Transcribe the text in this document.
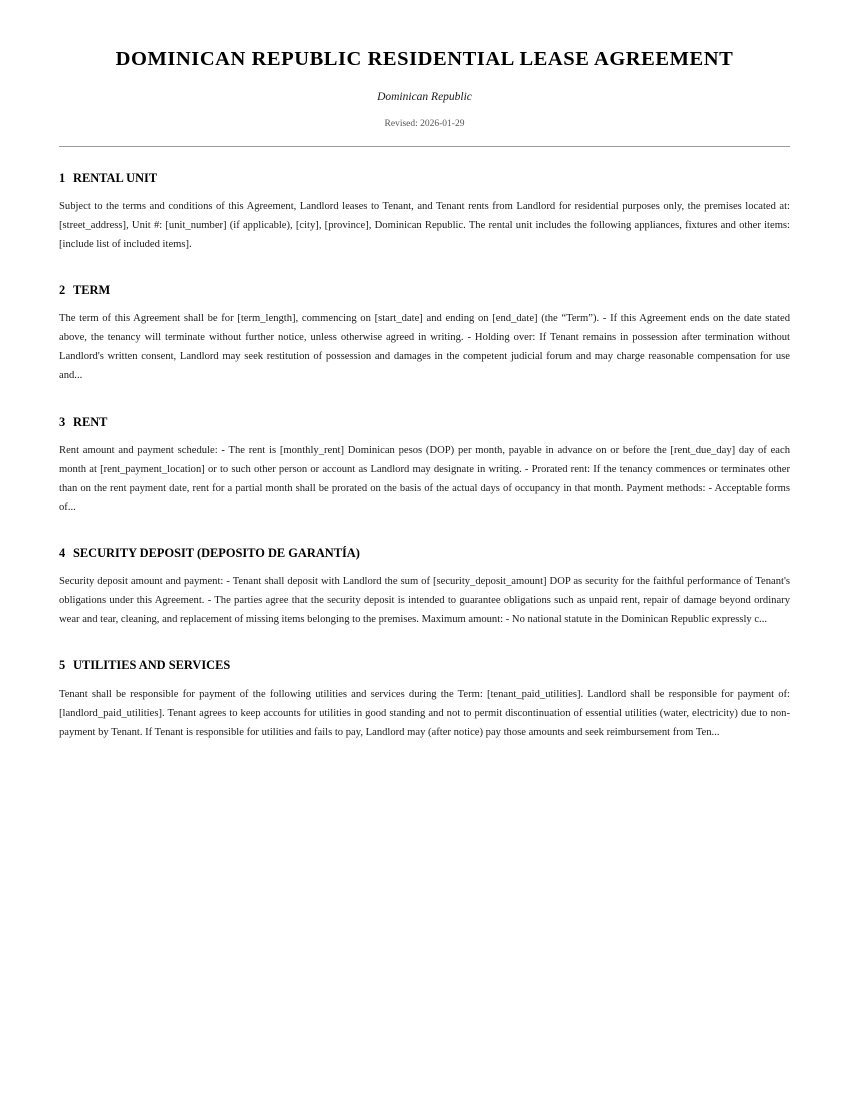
DOMINICAN REPUBLIC RESIDENTIAL LEASE AGREEMENT

Dominican Republic

Revised: 2026-01-29

1 RENTAL UNIT

Subject to the terms and conditions of this Agreement, Landlord leases to Tenant, and Tenant rents from Landlord for residential purposes only, the premises located at: [street_address], Unit #: [unit_number] (if applicable), [city], [province], Dominican Republic. The rental unit includes the following appliances, fixtures and other items: [include list of included items].

2 TERM

The term of this Agreement shall be for [term_length], commencing on [start_date] and ending on [end_date] (the “Term”). - If this Agreement ends on the date stated above, the tenancy will terminate without further notice, unless otherwise agreed in writing. - Holding over: If Tenant remains in possession after termination without Landlord's written consent, Landlord may seek restitution of possession and damages in the competent judicial forum and may charge reasonable compensation for use and...

3 RENT

Rent amount and payment schedule: - The rent is [monthly_rent] Dominican pesos (DOP) per month, payable in advance on or before the [rent_due_day] day of each month at [rent_payment_location] or to such other person or account as Landlord may designate in writing. - Prorated rent: If the tenancy commences or terminates other than on the rent payment date, rent for a partial month shall be prorated on the basis of the actual days of occupancy in that month. Payment methods: - Acceptable forms of...

4 SECURITY DEPOSIT (DEPOSITO DE GARANTÍA)

Security deposit amount and payment: - Tenant shall deposit with Landlord the sum of [security_deposit_amount] DOP as security for the faithful performance of Tenant's obligations under this Agreement. - The parties agree that the security deposit is intended to guarantee obligations such as unpaid rent, repair of damage beyond ordinary wear and tear, cleaning, and replacement of missing items belonging to the premises. Maximum amount: - No national statute in the Dominican Republic expressly c...

5 UTILITIES AND SERVICES

Tenant shall be responsible for payment of the following utilities and services during the Term: [tenant_paid_utilities]. Landlord shall be responsible for payment of: [landlord_paid_utilities]. Tenant agrees to keep accounts for utilities in good standing and not to permit discontinuation of essential utilities (water, electricity) due to non-payment by Tenant. If Tenant is responsible for utilities and fails to pay, Landlord may (after notice) pay those amounts and seek reimbursement from Ten...
